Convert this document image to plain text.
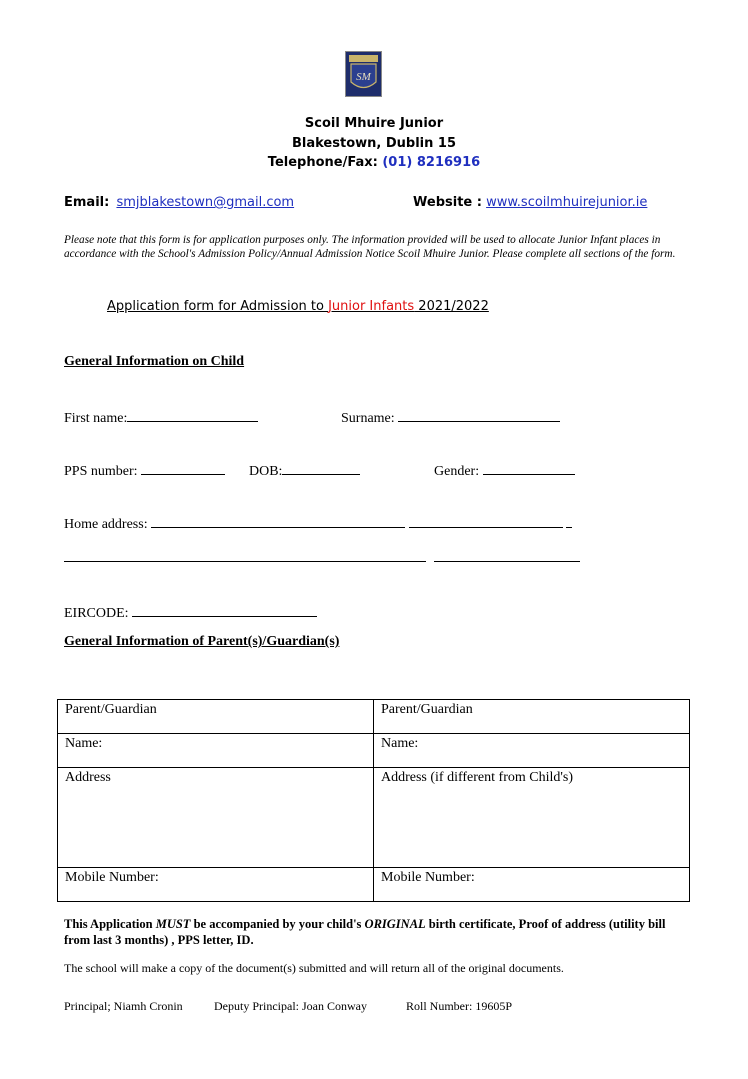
SM
Scoil Mhuire Junior
Blakestown, Dublin 15
Telephone/Fax: (01) 8216916
Email: smjblakestown@gmail.com	Website : www.scoilmhuirejunior.ie
Please note that this form is for application purposes only. The information provided will be used to allocate Junior Infant places in accordance with the School's Admission Policy/Annual Admission Notice Scoil Mhuire Junior. Please complete all sections of the form.
Application form for Admission to Junior Infants 2021/2022
General Information on Child
First name:	Surname:
PPS number:	DOB:	Gender:
Home address:

EIRCODE:
General Information of Parent(s)/Guardian(s)
Parent/Guardian	Parent/Guardian
Name:	Name:
Address	Address (if different from Child's)
Mobile Number:	Mobile Number:
This Application MUST be accompanied by your child's ORIGINAL birth certificate, Proof of address (utility bill from last 3 months) , PPS letter, ID.
The school will make a copy of the document(s) submitted and will return all of the original documents.
Principal; Niamh Cronin	Deputy Principal: Joan Conway	Roll Number: 19605P
